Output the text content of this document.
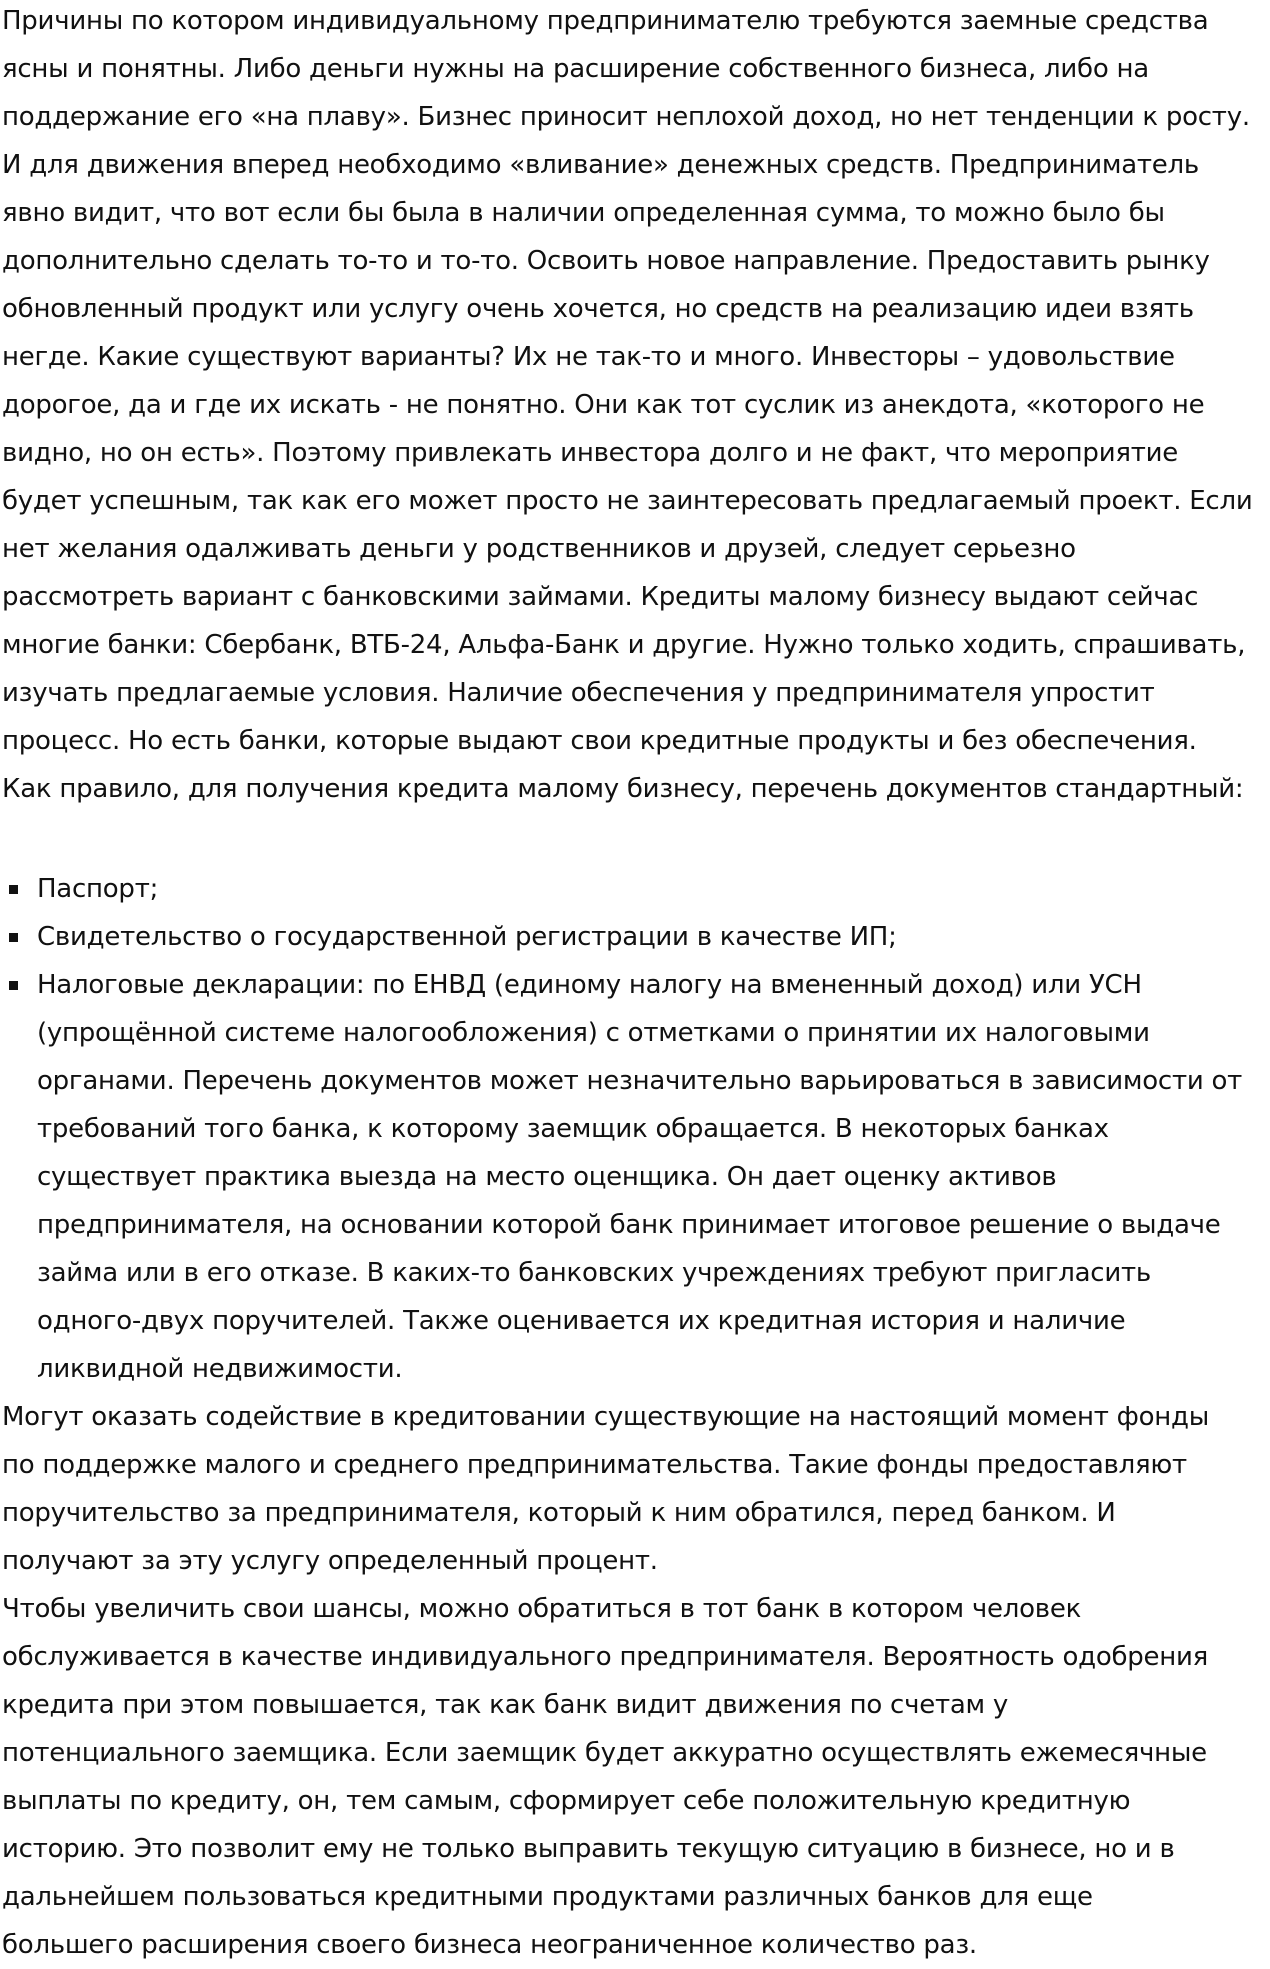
Причины по котором индивидуальному предпринимателю требуются заемные средства
ясны и понятны. Либо деньги нужны на расширение собственного бизнеса, либо на
поддержание его «на плаву». Бизнес приносит неплохой доход, но нет тенденции к росту.
И для движения вперед необходимо «вливание» денежных средств. Предприниматель
явно видит, что вот если бы была в наличии определенная сумма, то можно было бы
дополнительно сделать то-то и то-то. Освоить новое направление. Предоставить рынку
обновленный продукт или услугу очень хочется, но средств на реализацию идеи взять
негде. Какие существуют варианты? Их не так-то и много. Инвесторы – удовольствие
дорогое, да и где их искать - не понятно. Они как тот суслик из анекдота, «которого не
видно, но он есть». Поэтому привлекать инвестора долго и не факт, что мероприятие
будет успешным, так как его может просто не заинтересовать предлагаемый проект. Если
нет желания одалживать деньги у родственников и друзей, следует серьезно
рассмотреть вариант с банковскими займами. Кредиты малому бизнесу выдают сейчас
многие банки: Сбербанк, ВТБ-24, Альфа-Банк и другие. Нужно только ходить, спрашивать,
изучать предлагаемые условия. Наличие обеспечения у предпринимателя упростит
процесс. Но есть банки, которые выдают свои кредитные продукты и без обеспечения.
Как правило, для получения кредита малому бизнесу, перечень документов стандартный:
Паспорт;
Свидетельство о государственной регистрации в качестве ИП;
Налоговые декларации: по ЕНВД (единому налогу на вмененный доход) или УСН
(упрощённой системе налогообложения) с отметками о принятии их налоговыми
органами. Перечень документов может незначительно варьироваться в зависимости от
требований того банка, к которому заемщик обращается. В некоторых банках
существует практика выезда на место оценщика. Он дает оценку активов
предпринимателя, на основании которой банк принимает итоговое решение о выдаче
займа или в его отказе. В каких-то банковских учреждениях требуют пригласить
одного-двух поручителей. Также оценивается их кредитная история и наличие
ликвидной недвижимости.
Могут оказать содействие в кредитовании существующие на настоящий момент фонды
по поддержке малого и среднего предпринимательства. Такие фонды предоставляют
поручительство за предпринимателя, который к ним обратился, перед банком. И
получают за эту услугу определенный процент.
Чтобы увеличить свои шансы, можно обратиться в тот банк в котором человек
обслуживается в качестве индивидуального предпринимателя. Вероятность одобрения
кредита при этом повышается, так как банк видит движения по счетам у
потенциального заемщика. Если заемщик будет аккуратно осуществлять ежемесячные
выплаты по кредиту, он, тем самым, сформирует себе положительную кредитную
историю. Это позволит ему не только выправить текущую ситуацию в бизнесе, но и в
дальнейшем пользоваться кредитными продуктами различных банков для еще
большего расширения своего бизнеса неограниченное количество раз.
